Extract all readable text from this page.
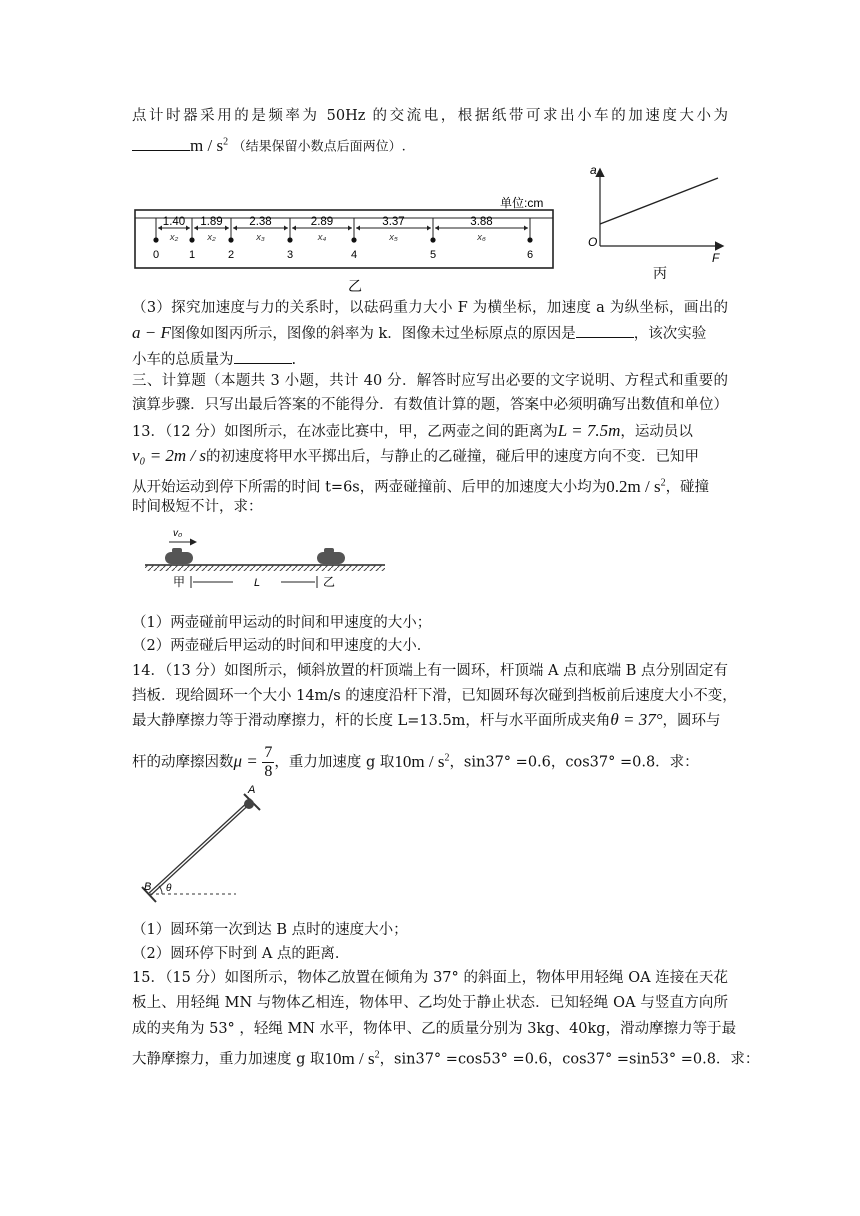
点计时器采用的是频率为 50Hz 的交流电，根据纸带可求出小车的加速度大小为
m / $s^2$ （结果保留小数点后面两位）.
单位:cm
0	1	2	3	4	5	6
1.40
x₂
1.89
x₂
2.38
x₃
2.89
x₄
3.37
x₅
3.88
x₆
乙
a
F
O
丙
（3）探究加速度与力的关系时，以砝码重力大小 F 为横坐标，加速度 a 为纵坐标，画出的
a − F图像如图丙所示，图像的斜率为 k．图像未过坐标原点的原因是	，该次实验
小车的总质量为	.
三、计算题（本题共 3 小题，共计 40 分．解答时应写出必要的文字说明、方程式和重要的
演算步骤．只写出最后答案的不能得分．有数值计算的题，答案中必须明确写出数值和单位）
13．（12 分）如图所示，在冰壶比赛中，甲，乙两壶之间的距离为L = 7.5m，运动员以
v₀ = 2m / s的初速度将甲水平掷出后，与静止的乙碰撞，碰后甲的速度方向不变．已知甲
从开始运动到停下所需的时间 t=6s，两壶碰撞前、后甲的加速度大小均为$0.2m / s^2$，碰撞
时间极短不计，求：
v₀
甲	L	乙
（1）两壶碰前甲运动的时间和甲速度的大小；
（2）两壶碰后甲运动的时间和甲速度的大小．
14．（13 分）如图所示，倾斜放置的杆顶端上有一圆环，杆顶端 A 点和底端 B 点分别固定有
挡板．现给圆环一个大小 14m/s 的速度沿杆下滑，已知圆环每次碰到挡板前后速度大小不变，
最大静摩擦力等于滑动摩擦力，杆的长度 L=13.5m，杆与水平面所成夹角θ = 37°，圆环与
杆的动摩擦因数$\mu = \frac{7}{8}$ ，重力加速度 g 取$10m / s^2$，sin37° =0.6，cos37° =0.8．求：
A
B θ
（1）圆环第一次到达 B 点时的速度大小；
（2）圆环停下时到 A 点的距离．
15．（15 分）如图所示，物体乙放置在倾角为 37° 的斜面上，物体甲用轻绳 OA 连接在天花
板上、用轻绳 MN 与物体乙相连，物体甲、乙均处于静止状态．已知轻绳 OA 与竖直方向所
成的夹角为 53° ，轻绳 MN 水平，物体甲、乙的质量分别为 3kg、40kg，滑动摩擦力等于最
大静摩擦力，重力加速度 g 取$10m / s^2$，sin37° =cos53° =0.6，cos37° =sin53° =0.8．求：
